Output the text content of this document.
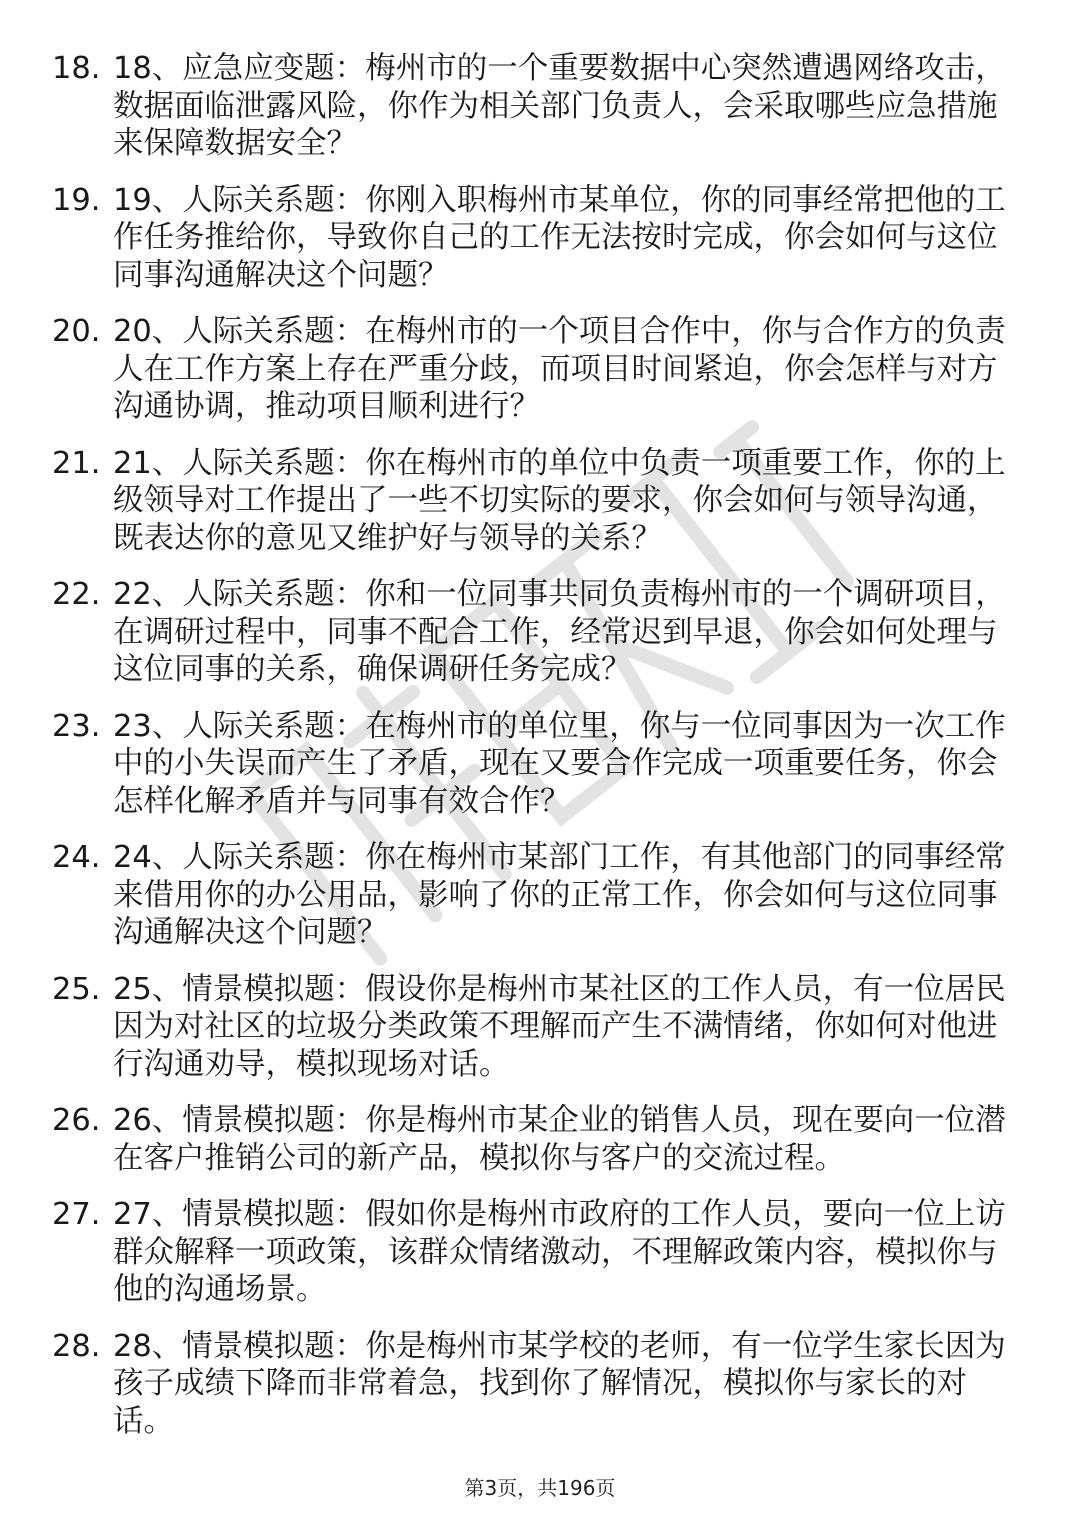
18. 18、应急应变题：梅州市的一个重要数据中心突然遭遇网络攻击，数据面临泄露风险，你作为相关部门负责人，会采取哪些应急措施来保障数据安全？
19. 19、人际关系题：你刚入职梅州市某单位，你的同事经常把他的工作任务推给你，导致你自己的工作无法按时完成，你会如何与这位同事沟通解决这个问题？
20. 20、人际关系题：在梅州市的一个项目合作中，你与合作方的负责人在工作方案上存在严重分歧，而项目时间紧迫，你会怎样与对方沟通协调，推动项目顺利进行？
21. 21、人际关系题：你在梅州市的单位中负责一项重要工作，你的上级领导对工作提出了一些不切实际的要求，你会如何与领导沟通，既表达你的意见又维护好与领导的关系？
22. 22、人际关系题：你和一位同事共同负责梅州市的一个调研项目，在调研过程中，同事不配合工作，经常迟到早退，你会如何处理与这位同事的关系，确保调研任务完成？
23. 23、人际关系题：在梅州市的单位里，你与一位同事因为一次工作中的小失误而产生了矛盾，现在又要合作完成一项重要任务，你会怎样化解矛盾并与同事有效合作？
24. 24、人际关系题：你在梅州市某部门工作，有其他部门的同事经常来借用你的办公用品，影响了你的正常工作，你会如何与这位同事沟通解决这个问题？
25. 25、情景模拟题：假设你是梅州市某社区的工作人员，有一位居民因为对社区的垃圾分类政策不理解而产生不满情绪，你如何对他进行沟通劝导，模拟现场对话。
26. 26、情景模拟题：你是梅州市某企业的销售人员，现在要向一位潜在客户推销公司的新产品，模拟你与客户的交流过程。
27. 27、情景模拟题：假如你是梅州市政府的工作人员，要向一位上访群众解释一项政策，该群众情绪激动，不理解政策内容，模拟你与他的沟通场景。
28. 28、情景模拟题：你是梅州市某学校的老师，有一位学生家长因为孩子成绩下降而非常着急，找到你了解情况，模拟你与家长的对话。
第3页，共196页
